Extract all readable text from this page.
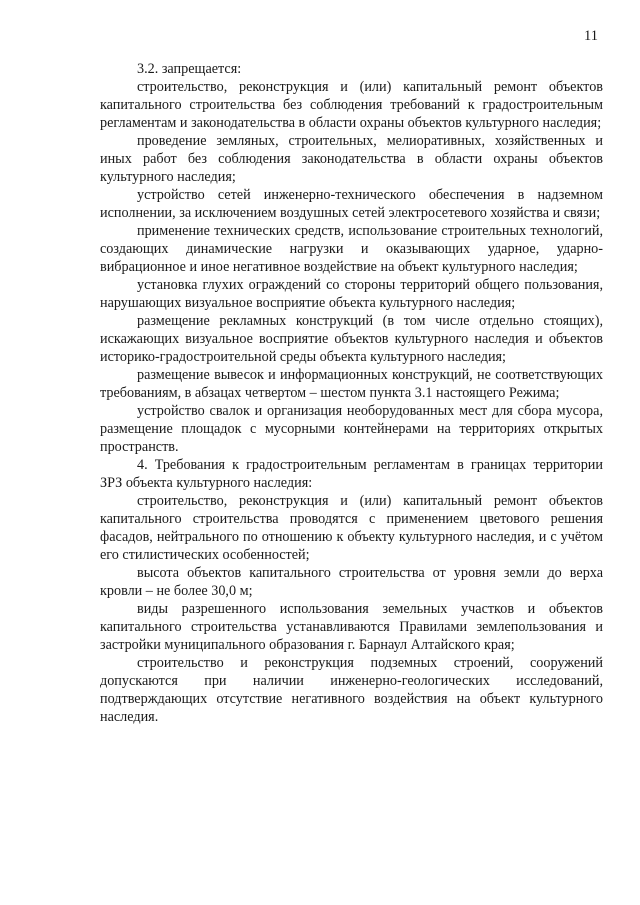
11

3.2. запрещается:

строительство, реконструкция и (или) капитальный ремонт объектов капитального строительства без соблюдения требований к градостроительным регламентам и законодательства в области охраны объектов культурного наследия;

проведение земляных, строительных, мелиоративных, хозяйственных и иных работ без соблюдения законодательства в области охраны объектов культурного наследия;

устройство сетей инженерно-технического обеспечения в надземном исполнении, за исключением воздушных сетей электросетевого хозяйства и связи;

применение технических средств, использование строительных технологий, создающих динамические нагрузки и оказывающих ударное, ударно-вибрационное и иное негативное воздействие на объект культурного наследия;

установка глухих ограждений со стороны территорий общего пользования, нарушающих визуальное восприятие объекта культурного наследия;

размещение рекламных конструкций (в том числе отдельно стоящих), искажающих визуальное восприятие объектов культурного наследия и объектов историко-градостроительной среды объекта культурного наследия;

размещение вывесок и информационных конструкций, не соответствующих требованиям, в абзацах четвертом – шестом пункта 3.1 настоящего Режима;

устройство свалок и организация необорудованных мест для сбора мусора, размещение площадок с мусорными контейнерами на территориях открытых пространств.

4. Требования к градостроительным регламентам в границах территории ЗРЗ объекта культурного наследия:

строительство, реконструкция и (или) капитальный ремонт объектов капитального строительства проводятся с применением цветового решения фасадов, нейтрального по отношению к объекту культурного наследия, и с учётом его стилистических особенностей;

высота объектов капитального строительства от уровня земли до верха кровли – не более 30,0 м;

виды разрешенного использования земельных участков и объектов капитального строительства устанавливаются Правилами землепользования и застройки муниципального образования г. Барнаул Алтайского края;

строительство и реконструкция подземных строений, сооружений допускаются при наличии инженерно-геологических исследований, подтверждающих отсутствие негативного воздействия на объект культурного наследия.
